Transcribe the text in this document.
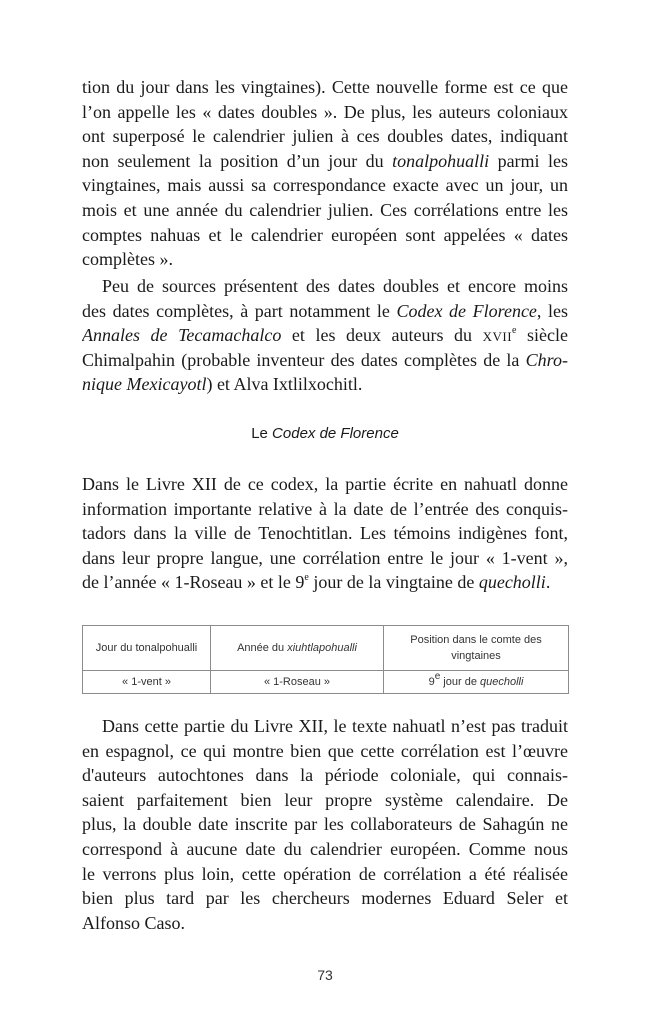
tion du jour dans les vingtaines). Cette nouvelle forme est ce que
l’on appelle les « dates doubles ». De plus, les auteurs coloniaux
ont superposé le calendrier julien à ces doubles dates, indiquant
non seulement la position d’un jour du tonalpohualli parmi les
vingtaines, mais aussi sa correspondance exacte avec un jour, un
mois et une année du calendrier julien. Ces corrélations entre les
comptes nahuas et le calendrier européen sont appelées « dates
complètes ».
Peu de sources présentent des dates doubles et encore moins
des dates complètes, à part notamment le Codex de Florence, les
Annales de Tecamachalco et les deux auteurs du xvii$^e$ siècle
Chimalpahin (probable inventeur des dates complètes de la Chro-
nique Mexicayotl) et Alva Ixtlilxochitl.
Le Codex de Florence
Dans le Livre XII de ce codex, la partie écrite en nahuatl donne
information importante relative à la date de l’entrée des conquis-
tadors dans la ville de Tenochtitlan. Les témoins indigènes font,
dans leur propre langue, une corrélation entre le jour « 1-vent »,
de l’année « 1-Roseau » et le 9e jour de la vingtaine de quecholli.
Jour du tonalpohualli	Année du xiuhtlapohualli	Position dans le comte des vingtaines
« 1-vent »	« 1-Roseau »	9e jour de quecholli
Dans cette partie du Livre XII, le texte nahuatl n’est pas traduit
en espagnol, ce qui montre bien que cette corrélation est l’œuvre
d'auteurs autochtones dans la période coloniale, qui connais-
saient parfaitement bien leur propre système calendaire. De
plus, la double date inscrite par les collaborateurs de Sahagún ne
correspond à aucune date du calendrier européen. Comme nous
le verrons plus loin, cette opération de corrélation a été réalisée
bien plus tard par les chercheurs modernes Eduard Seler et
Alfonso Caso.
73
